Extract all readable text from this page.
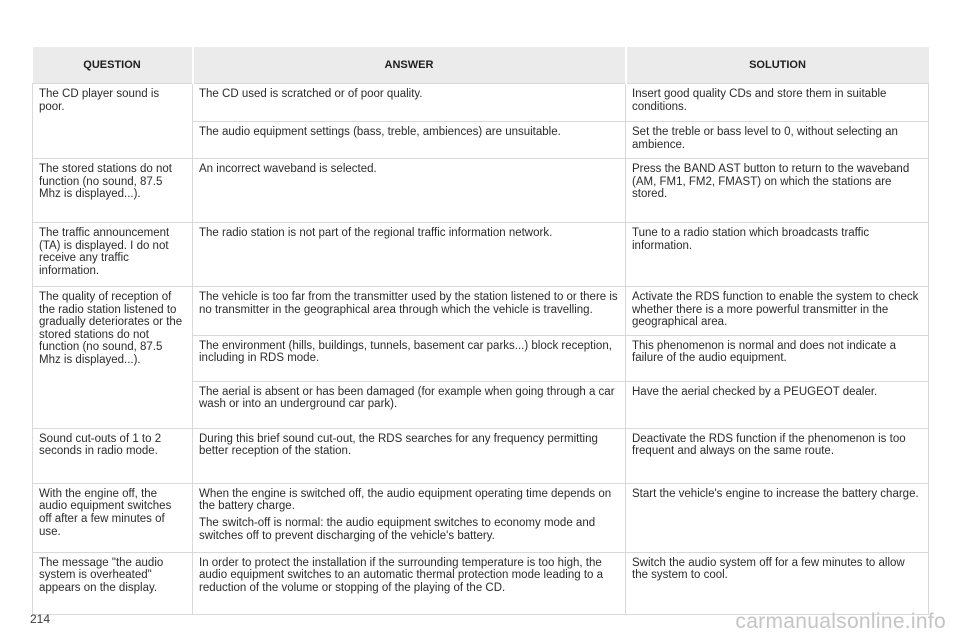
QUESTION	ANSWER	SOLUTION

The CD player sound is poor.	The CD used is scratched or of poor quality.	Insert good quality CDs and store them in suitable conditions.

	The audio equipment settings (bass, treble, ambiences) are unsuitable.	Set the treble or bass level to 0, without selecting an ambience.

The stored stations do not function (no sound, 87.5 Mhz is displayed...).	An incorrect waveband is selected.	Press the BAND AST button to return to the waveband (AM, FM1, FM2, FMAST) on which the stations are stored.

The traffic announcement (TA) is displayed. I do not receive any traffic information.	The radio station is not part of the regional traffic information network.	Tune to a radio station which broadcasts traffic information.

The quality of reception of the radio station listened to gradually deteriorates or the stored stations do not function (no sound, 87.5 Mhz is displayed...).	The vehicle is too far from the transmitter used by the station listened to or there is no transmitter in the geographical area through which the vehicle is travelling.	Activate the RDS function to enable the system to check whether there is a more powerful transmitter in the geographical area.

	The environment (hills, buildings, tunnels, basement car parks...) block reception, including in RDS mode.	This phenomenon is normal and does not indicate a failure of the audio equipment.

	The aerial is absent or has been damaged (for example when going through a car wash or into an underground car park).	Have the aerial checked by a PEUGEOT dealer.

Sound cut-outs of 1 to 2 seconds in radio mode.	During this brief sound cut-out, the RDS searches for any frequency permitting better reception of the station.	Deactivate the RDS function if the phenomenon is too frequent and always on the same route.

With the engine off, the audio equipment switches off after a few minutes of use.	When the engine is switched off, the audio equipment operating time depends on the battery charge.
The switch-off is normal: the audio equipment switches to economy mode and switches off to prevent discharging of the vehicle's battery.	Start the vehicle's engine to increase the battery charge.

The message "the audio system is overheated" appears on the display.	In order to protect the installation if the surrounding temperature is too high, the audio equipment switches to an automatic thermal protection mode leading to a reduction of the volume or stopping of the playing of the CD.	Switch the audio system off for a few minutes to allow the system to cool.
214	carmanualsonline.info
